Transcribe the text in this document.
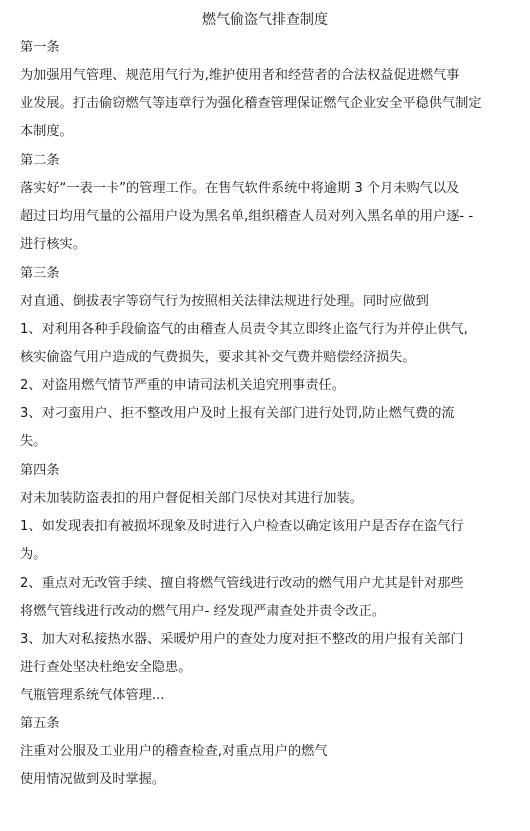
燃气偷盗气排查制度
第一条
为加强用气管理、规范用气行为,维护使用者和经营者的合法权益促进燃气事
业发展。打击偷窃燃气等违章行为强化稽查管理保证燃气企业安全平稳供气制定
本制度。
第二条
落实好“一表一卡”的管理工作。在售气软件系统中将逾期 3 个月未购气以及
超过日均用气量的公福用户设为黑名单,组织稽查人员对列入黑名单的用户逐- -
进行核实。
第三条
对直通、倒拔表字等窃气行为按照相关法律法规进行处理。同时应做到
1、对利用各种手段偷盗气的由稽查人员责令其立即终止盗气行为并停止供气,
核实偷盗气用户造成的气费损失，要求其补交气费并赔偿经济损失。
2、对盗用燃气情节严重的申请司法机关追究刑事责任。
3、对刁蛮用户、拒不整改用户及时上报有关部门进行处罚,防止燃气费的流
失。
第四条
对未加装防盗表扣的用户督促相关部门尽快对其进行加装。
1、如发现表扣有被损坏现象及时进行入户检查以确定该用户是否存在盗气行
为。
2、重点对无改管手续、擅自将燃气管线进行改动的燃气用户尤其是针对那些
将燃气管线进行改动的燃气用户- 经发现严肃查处并责令改正。
3、加大对私接热水器、采暖炉用户的查处力度对拒不整改的用户报有关部门
进行查处坚决杜绝安全隐患。
气瓶管理系统气体管理...
第五条
注重对公服及工业用户的稽查检查,对重点用户的燃气
使用情况做到及时掌握。
